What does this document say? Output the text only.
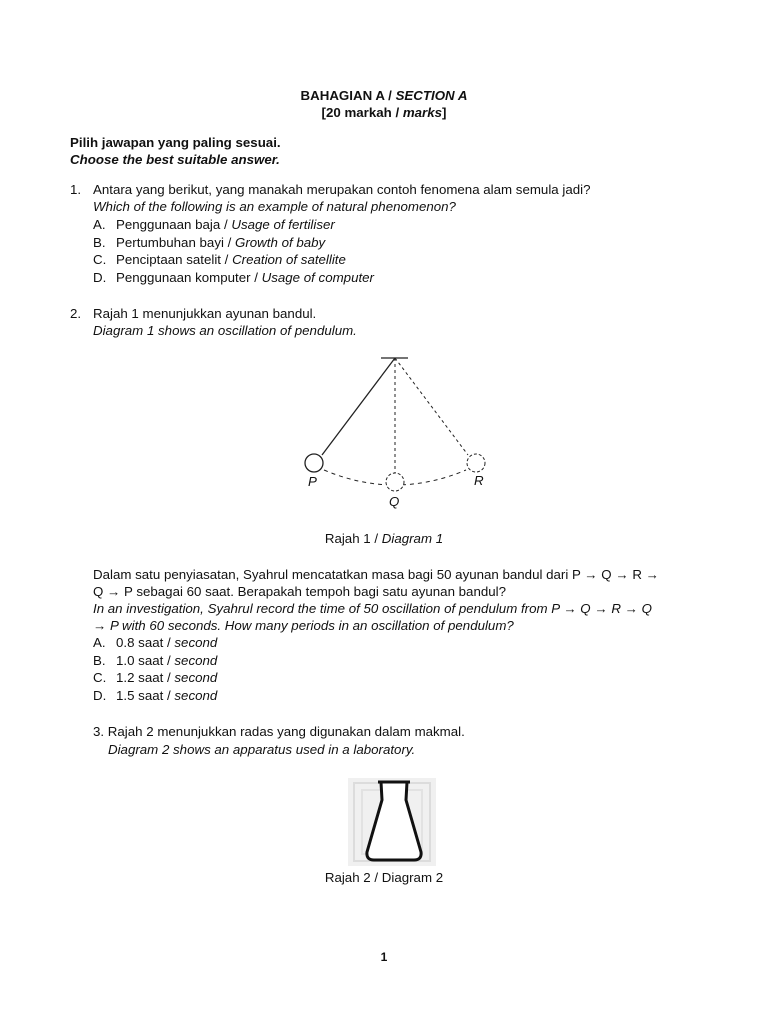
BAHAGIAN A / SECTION A
[20 markah / marks]
Pilih jawapan yang paling sesuai.
Choose the best suitable answer.
1. Antara yang berikut, yang manakah merupakan contoh fenomena alam semula jadi?
Which of the following is an example of natural phenomenon?
A. Penggunaan baja / Usage of fertiliser
B. Pertumbuhan bayi / Growth of baby
C. Penciptaan satelit / Creation of satellite
D. Penggunaan komputer / Usage of computer
2. Rajah 1 menunjukkan ayunan bandul.
Diagram 1 shows an oscillation of pendulum.
P
Q
R
Rajah 1 / Diagram 1
Dalam satu penyiasatan, Syahrul mencatatkan masa bagi 50 ayunan bandul dari P → Q → R →
Q → P sebagai 60 saat. Berapakah tempoh bagi satu ayunan bandul?
In an investigation, Syahrul record the time of 50 oscillation of pendulum from P → Q → R → Q
→ P with 60 seconds. How many periods in an oscillation of pendulum?
A. 0.8 saat / second
B. 1.0 saat / second
C. 1.2 saat / second
D. 1.5 saat / second
3. Rajah 2 menunjukkan radas yang digunakan dalam makmal.
Diagram 2 shows an apparatus used in a laboratory.
Rajah 2 / Diagram 2
1
